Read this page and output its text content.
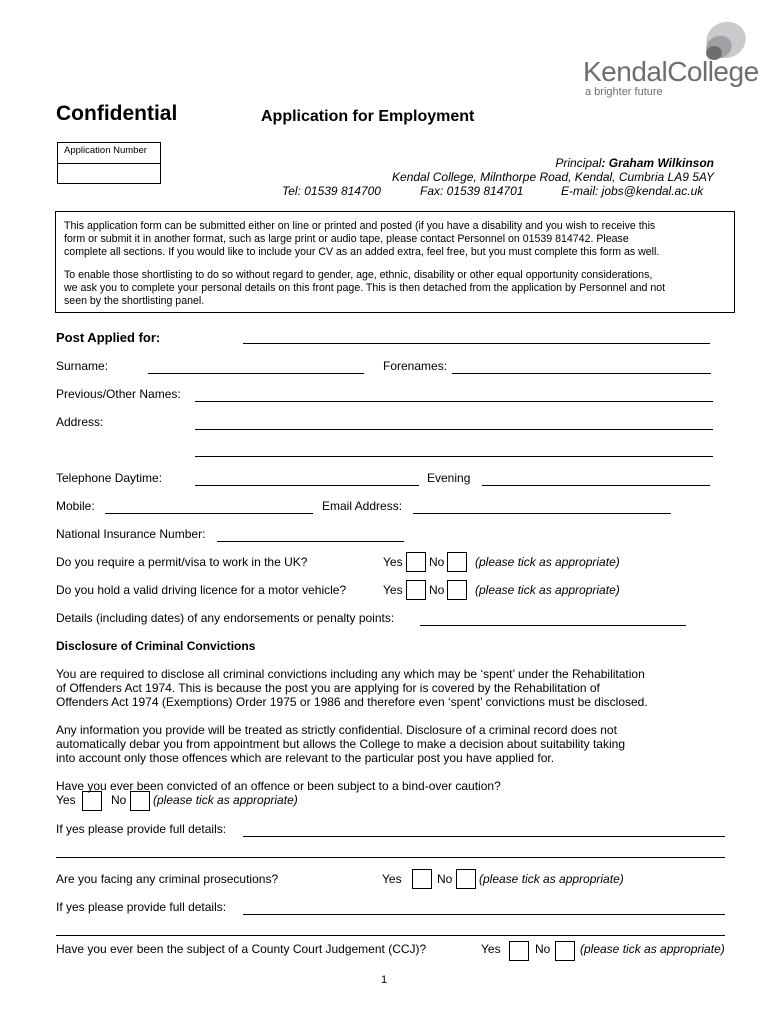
KendalCollege
a brighter future
Confidential	Application for Employment
Application Number
Principal: Graham Wilkinson
Kendal College, Milnthorpe Road, Kendal, Cumbria LA9 5AY
Tel: 01539 814700	Fax: 01539 814701	E-mail: jobs@kendal.ac.uk
This application form can be submitted either on line or printed and posted (if you have a disability and you wish to receive this
form or submit it in another format, such as large print or audio tape, please contact Personnel on 01539 814742. Please
complete all sections. If you would like to include your CV as an added extra, feel free, but you must complete this form as well.
To enable those shortlisting to do so without regard to gender, age, ethnic, disability or other equal opportunity considerations,
we ask you to complete your personal details on this front page. This is then detached from the application by Personnel and not
seen by the shortlisting panel.
Post Applied for:
Surname:	Forenames:
Previous/Other Names:
Address:
Telephone Daytime:	Evening
Mobile:	Email Address:
National Insurance Number:
Do you require a permit/visa to work in the UK?	Yes No	(please tick as appropriate)
Do you hold a valid driving licence for a motor vehicle?	Yes No	(please tick as appropriate)
Details (including dates) of any endorsements or penalty points:
Disclosure of Criminal Convictions
You are required to disclose all criminal convictions including any which may be ‘spent’ under the Rehabilitation
of Offenders Act 1974. This is because the post you are applying for is covered by the Rehabilitation of
Offenders Act 1974 (Exemptions) Order 1975 or 1986 and therefore even ‘spent’ convictions must be disclosed.
Any information you provide will be treated as strictly confidential. Disclosure of a criminal record does not
automatically debar you from appointment but allows the College to make a decision about suitability taking
into account only those offences which are relevant to the particular post you have applied for.
Have you ever been convicted of an offence or been subject to a bind-over caution?
Yes	No (please tick as appropriate)
If yes please provide full details:
Are you facing any criminal prosecutions?	Yes	No (please tick as appropriate)
If yes please provide full details:
Have you ever been the subject of a County Court Judgement (CCJ)?	Yes	No (please tick as appropriate)
1
